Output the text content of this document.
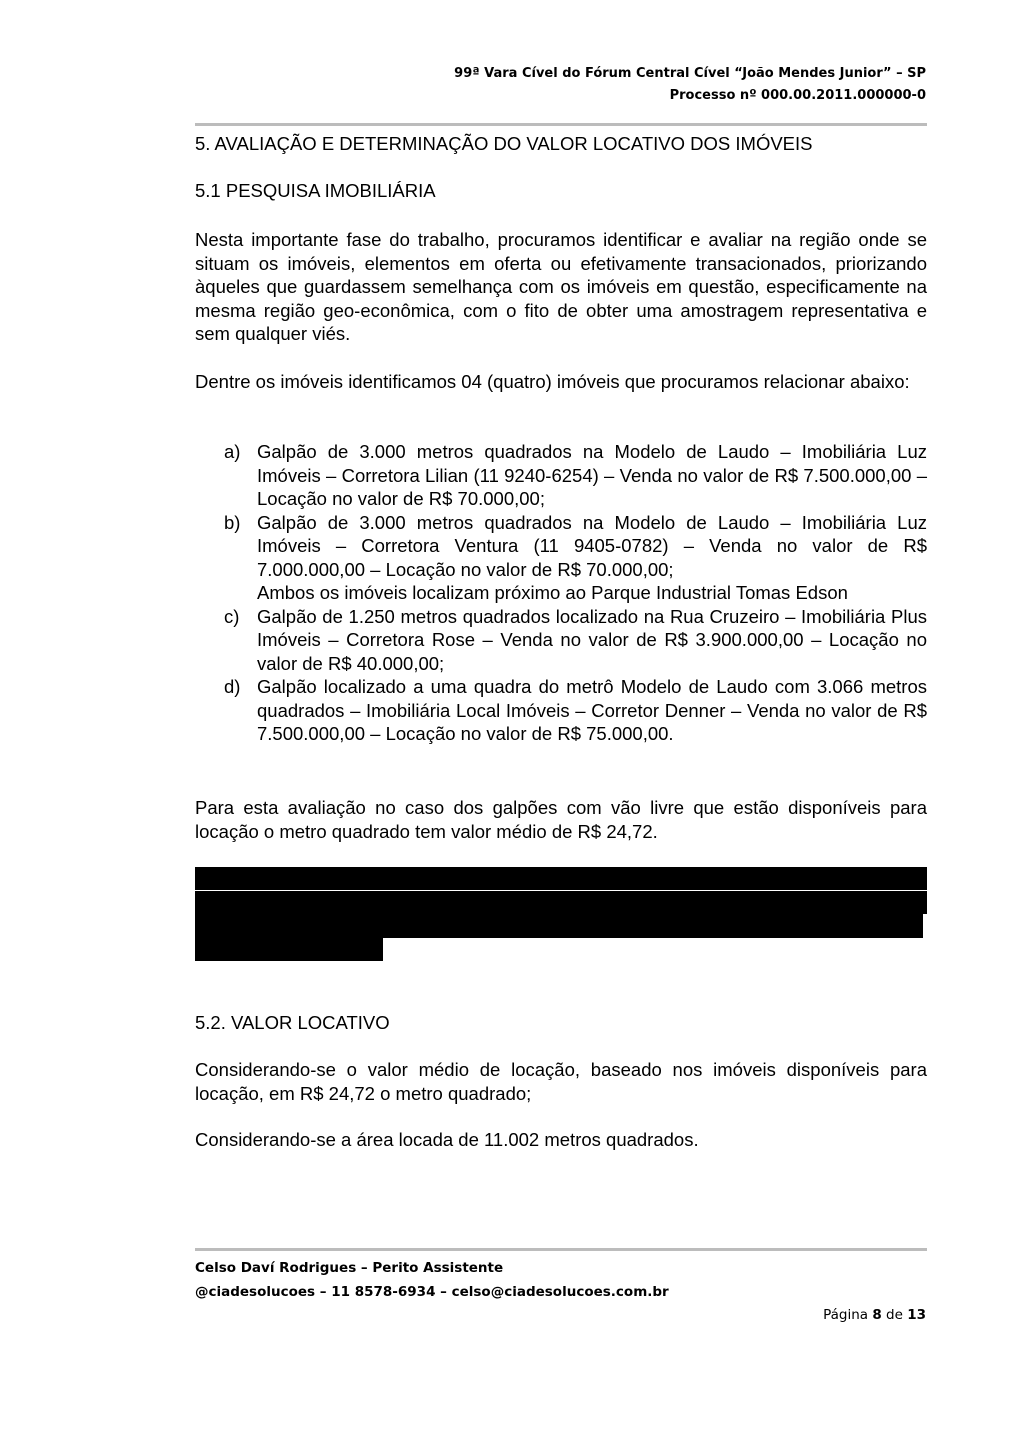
99ª Vara Cível do Fórum Central Cível “João Mendes Junior” – SP
Processo nº 000.00.2011.000000-0
5. AVALIAÇÃO E DETERMINAÇÃO DO VALOR LOCATIVO DOS IMÓVEIS
5.1 PESQUISA IMOBILIÁRIA
Nesta importante fase do trabalho, procuramos identificar e avaliar na região onde se situam os imóveis, elementos em oferta ou efetivamente transacionados, priorizando àqueles que guardassem semelhança com os imóveis em questão, especificamente na mesma região geo-econômica, com o fito de obter uma amostragem representativa e sem qualquer viés.
Dentre os imóveis identificamos 04 (quatro) imóveis que procuramos relacionar abaixo:
a) Galpão de 3.000 metros quadrados na Modelo de Laudo – Imobiliária Luz Imóveis – Corretora Lilian (11 9240-6254) – Venda no valor de R$ 7.500.000,00 – Locação no valor de R$ 70.000,00;
b) Galpão de 3.000 metros quadrados na Modelo de Laudo – Imobiliária Luz Imóveis – Corretora Ventura (11 9405-0782) – Venda no valor de R$ 7.000.000,00 – Locação no valor de R$ 70.000,00;
Ambos os imóveis localizam próximo ao Parque Industrial Tomas Edson
c) Galpão de 1.250 metros quadrados localizado na Rua Cruzeiro – Imobiliária Plus Imóveis – Corretora Rose – Venda no valor de R$ 3.900.000,00 – Locação no valor de R$ 40.000,00;
d) Galpão localizado a uma quadra do metrô Modelo de Laudo com 3.066 metros quadrados – Imobiliária Local Imóveis – Corretor Denner – Venda no valor de R$ 7.500.000,00 – Locação no valor de R$ 75.000,00.
Para esta avaliação no caso dos galpões com vão livre que estão disponíveis para locação o metro quadrado tem valor médio de R$ 24,72.
5.2. VALOR LOCATIVO
Considerando-se o valor médio de locação, baseado nos imóveis disponíveis para locação, em R$ 24,72 o metro quadrado;
Considerando-se a área locada de 11.002 metros quadrados.
Celso Daví Rodrigues – Perito Assistente
@ciadesolucoes – 11 8578-6934 – celso@ciadesolucoes.com.br
Página 8 de 13
